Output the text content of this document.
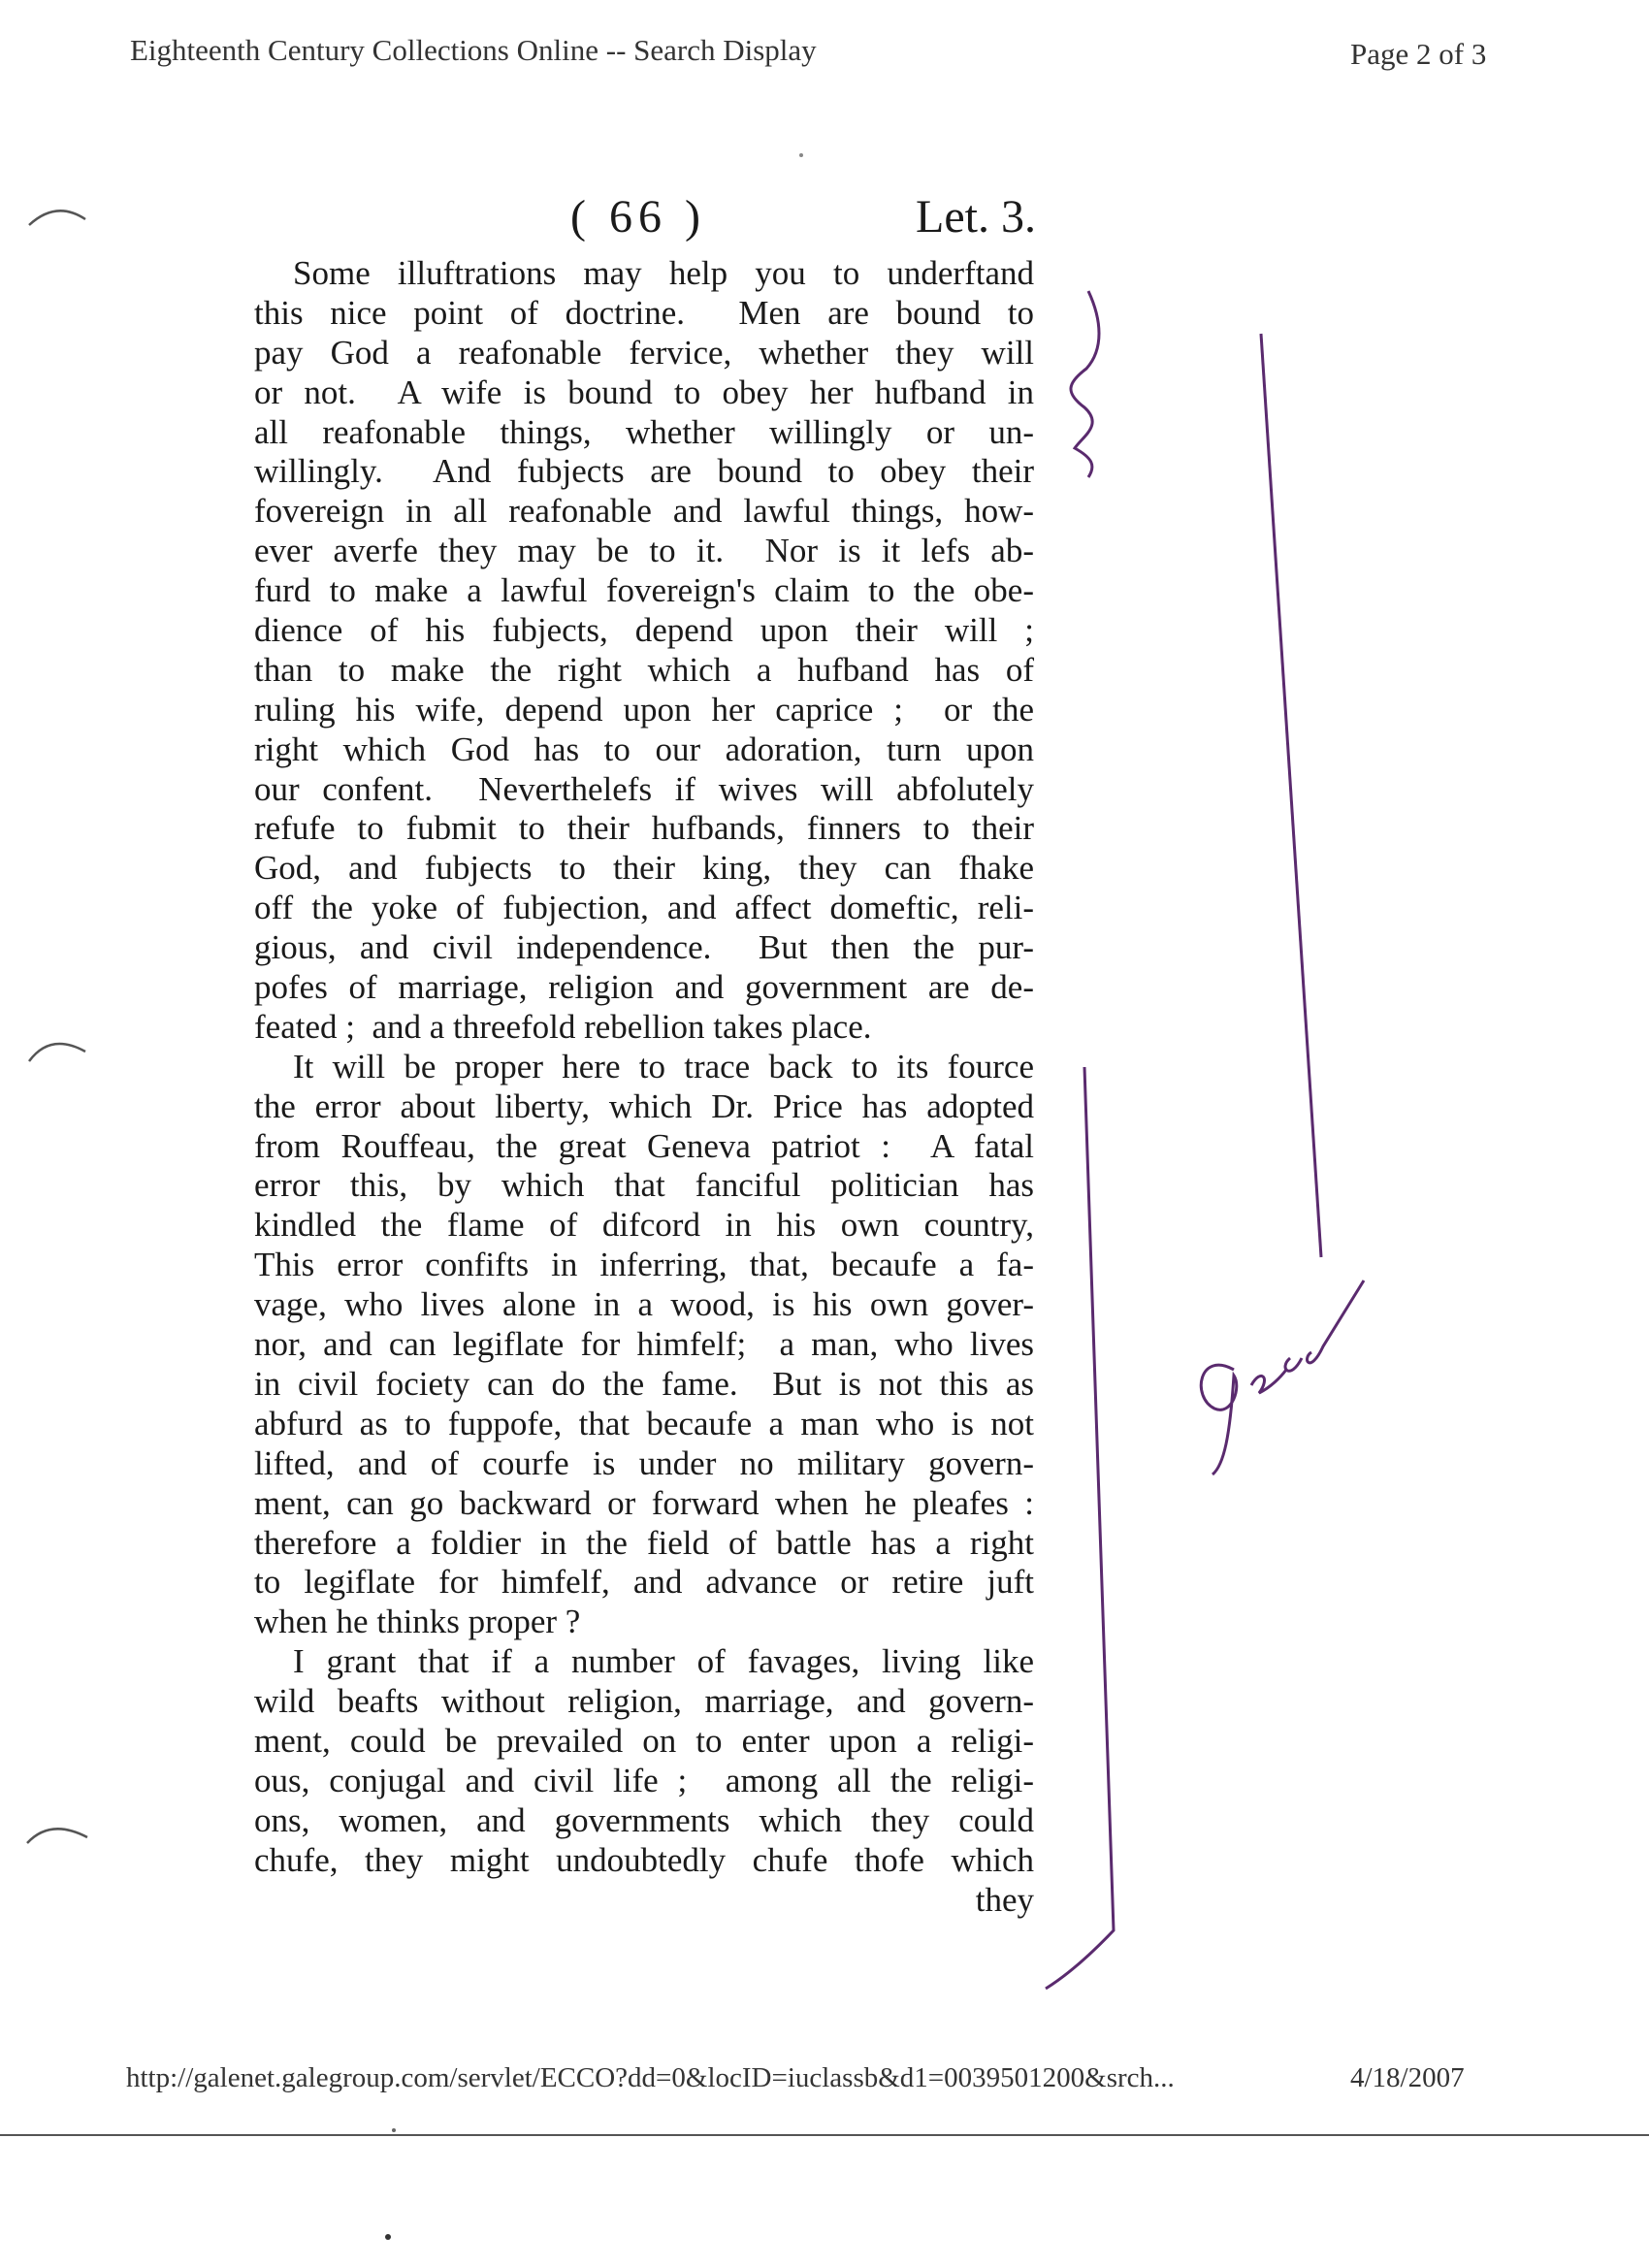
Eighteenth Century Collections Online -- Search Display	Page 2 of 3
( 66 )	Let. 3.
Some illuftrations may help you to underftand
this nice point of doctrine.  Men are bound to
pay God a reafonable fervice, whether they will
or not.  A wife is bound to obey her hufband in
all reafonable things, whether willingly or un-
willingly.  And fubjects are bound to obey their
fovereign in all reafonable and lawful things, how-
ever averfe they may be to it.  Nor is it lefs ab-
furd to make a lawful fovereign's claim to the obe-
dience of his fubjects, depend upon their will ;
than to make the right which a hufband has of
ruling his wife, depend upon her caprice ;  or the
right which God has to our adoration, turn upon
our confent.  Neverthelefs if wives will abfolutely
refufe to fubmit to their hufbands, finners to their
God, and fubjects to their king, they can fhake
off the yoke of fubjection, and affect domeftic, reli-
gious, and civil independence.  But then the pur-
pofes of marriage, religion and government are de-
feated ;  and a threefold rebellion takes place.
It will be proper here to trace back to its fource
the error about liberty, which Dr. Price has adopted
from Rouffeau, the great Geneva patriot :  A fatal
error this, by which that fanciful politician has
kindled the flame of difcord in his own country,
This error confifts in inferring, that, becaufe a fa-
vage, who lives alone in a wood, is his own gover-
nor, and can legiflate for himfelf;  a man, who lives
in civil fociety can do the fame.  But is not this as
abfurd as to fuppofe, that becaufe a man who is not
lifted, and of courfe is under no military govern-
ment, can go backward or forward when he pleafes :
therefore a foldier in the field of battle has a right
to legiflate for himfelf, and advance or retire juft
when he thinks proper ?
I grant that if a number of favages, living like
wild beafts without religion, marriage, and govern-
ment, could be prevailed on to enter upon a religi-
ous, conjugal and civil life ;  among all the religi-
ons, women, and governments which they could
chufe, they might undoubtedly chufe thofe which
they
http://galenet.galegroup.com/servlet/ECCO?dd=0&locID=iuclassb&d1=0039501200&srch...	4/18/2007
